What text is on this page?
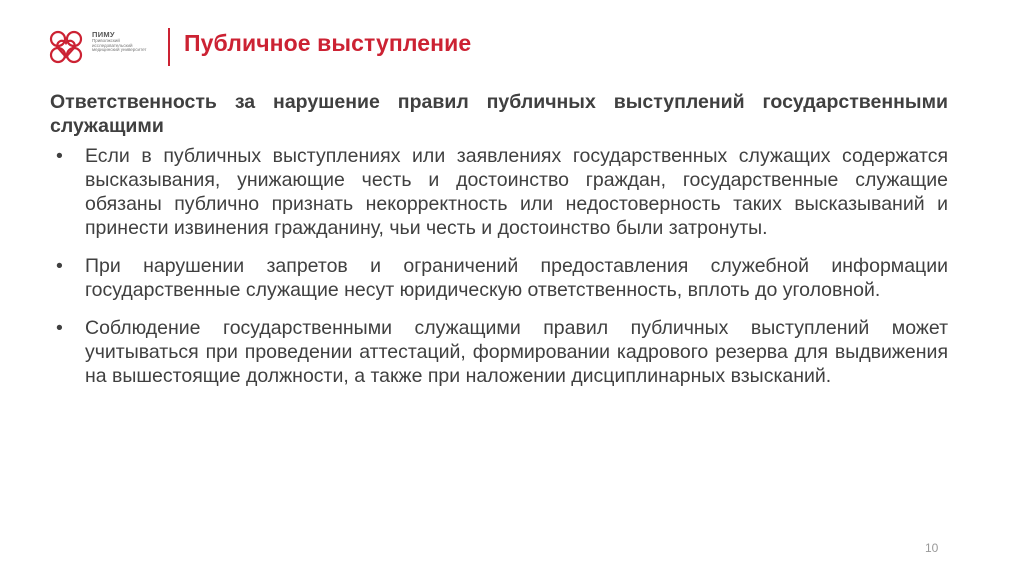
ПИМУ
Приволжский
исследовательский
медицинский университет	Публичное выступление
Ответственность за нарушение правил публичных выступлений государственными служащими
• Если в публичных выступлениях или заявлениях государственных служащих содержатся высказывания, унижающие честь и достоинство граждан, государственные служащие обязаны публично признать некорректность или недостоверность таких высказываний и принести извинения гражданину, чьи честь и достоинство были затронуты.
• При нарушении запретов и ограничений предоставления служебной информации государственные служащие несут юридическую ответственность, вплоть до уголовной.
• Соблюдение государственными служащими правил публичных выступлений может учитываться при проведении аттестаций, формировании кадрового резерва для выдвижения на вышестоящие должности, а также при наложении дисциплинарных взысканий.
10
